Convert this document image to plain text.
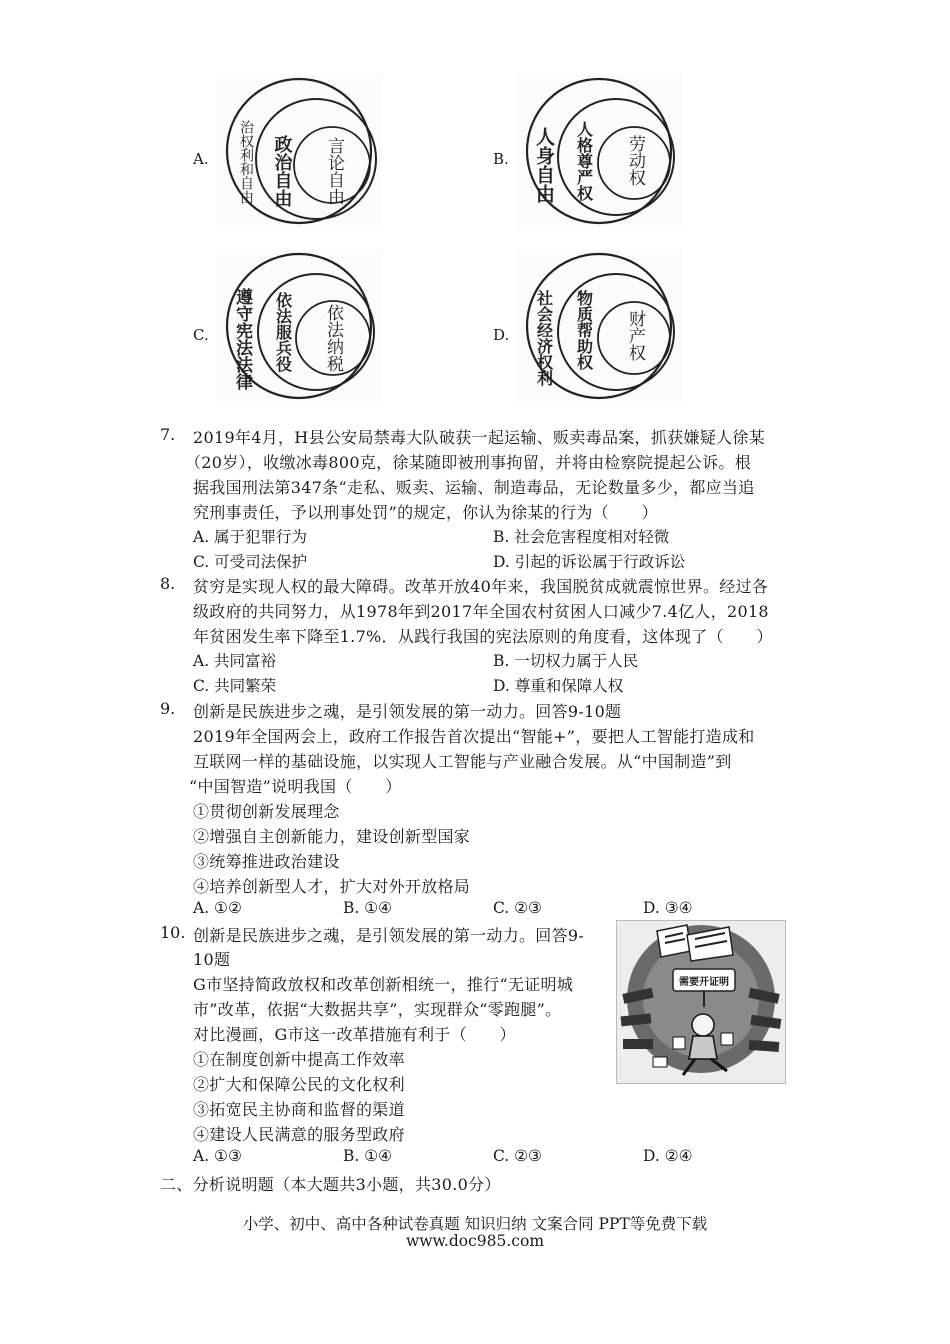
A. 治权利和自由 政治自由 言论自由	B. 人身自由 人格尊严权 劳动权
C. 遵守宪法法律 依法服兵役 依法纳税	D. 社会经济权利 物质帮助权 财产权
7. 2019年4月，H县公安局禁毒大队破获一起运输、贩卖毒品案，抓获嫌疑人徐某
（20岁），收缴冰毒800克，徐某随即被刑事拘留，并将由检察院提起公诉。根
据我国刑法第347条“走私、贩卖、运输、制造毒品，无论数量多少，都应当追
究刑事责任，予以刑事处罚”的规定，你认为徐某的行为（　　）
A. 属于犯罪行为	B. 社会危害程度相对轻微
C. 可受司法保护	D. 引起的诉讼属于行政诉讼
8. 贫穷是实现人权的最大障碍。改革开放40年来，我国脱贫成就震惊世界。经过各
级政府的共同努力，从1978年到2017年全国农村贫困人口减少7.4亿人，2018
年贫困发生率下降至1.7%．从践行我国的宪法原则的角度看，这体现了（　　）
A. 共同富裕	B. 一切权力属于人民
C. 共同繁荣	D. 尊重和保障人权
9. 创新是民族进步之魂，是引领发展的第一动力。回答9-10题
2019年全国两会上，政府工作报告首次提出“智能+”，要把人工智能打造成和
互联网一样的基础设施，以实现人工智能与产业融合发展。从“中国制造”到
“中国智造”说明我国（　　）
①贯彻创新发展理念
②增强自主创新能力，建设创新型国家
③统筹推进政治建设
④培养创新型人才，扩大对外开放格局
A. ①②	B. ①④	C. ②③	D. ③④
10. 创新是民族进步之魂，是引领发展的第一动力。回答9-
10题
G市坚持简政放权和改革创新相统一，推行“无证明城
市”改革，依据“大数据共享”，实现群众“零跑腿”。
对比漫画，G市这一改革措施有利于（　　）
①在制度创新中提高工作效率
②扩大和保障公民的文化权利
③拓宽民主协商和监督的渠道
④建设人民满意的服务型政府
A. ①③	B. ①④	C. ②③	D. ②④
需要开证明
二、分析说明题（本大题共3小题，共30.0分）
小学、初中、高中各种试卷真题 知识归纳 文案合同 PPT等免费下载
www.doc985.com
